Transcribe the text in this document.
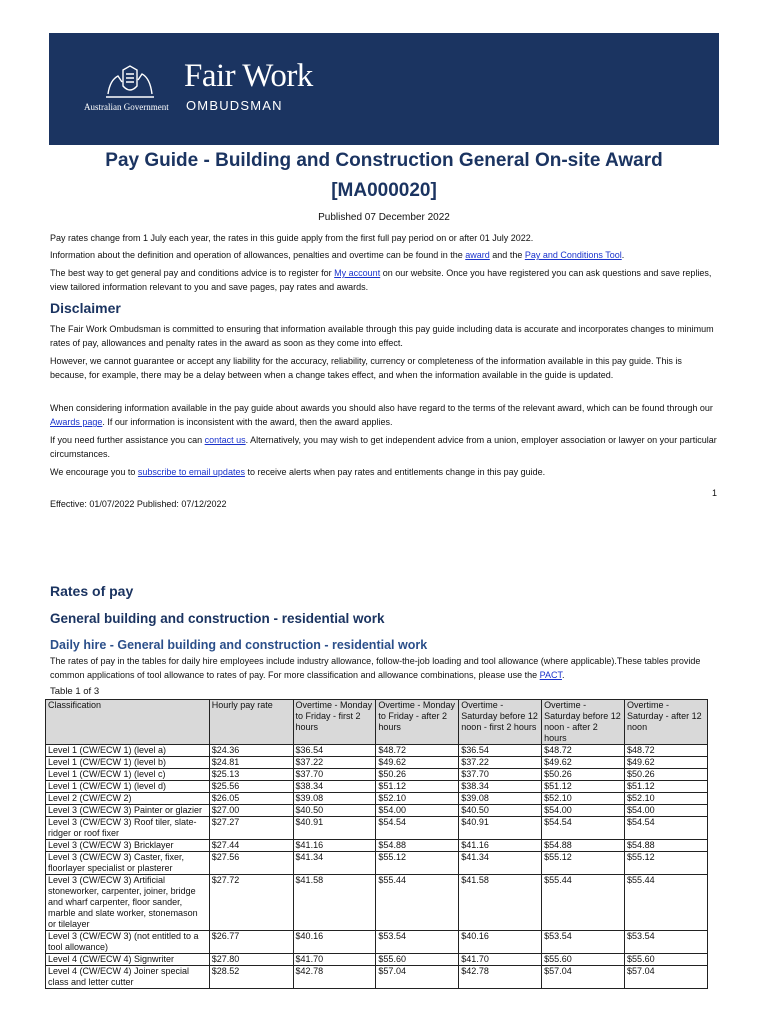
Australian Government
Fair Work
OMBUDSMAN
Pay Guide - Building and Construction General On-site Award
[MA000020]
Published 07 December 2022
Pay rates change from 1 July each year, the rates in this guide apply from the first full pay period on or after 01 July 2022.
Information about the definition and operation of allowances, penalties and overtime can be found in the award and the Pay and Conditions Tool.
The best way to get general pay and conditions advice is to register for My account on our website. Once you have registered you can ask questions and save replies, view tailored information relevant to you and save pages, pay rates and awards.
Disclaimer
The Fair Work Ombudsman is committed to ensuring that information available through this pay guide including data is accurate and incorporates changes to minimum rates of pay, allowances and penalty rates in the award as soon as they come into effect.
However, we cannot guarantee or accept any liability for the accuracy, reliability, currency or completeness of the information available in this pay guide. This is because, for example, there may be a delay between when a change takes effect, and when the information available in the guide is updated.
When considering information available in the pay guide about awards you should also have regard to the terms of the relevant award, which can be found through our Awards page. If our information is inconsistent with the award, then the award applies.
If you need further assistance you can contact us. Alternatively, you may wish to get independent advice from a union, employer association or lawyer on your particular circumstances.
We encourage you to subscribe to email updates to receive alerts when pay rates and entitlements change in this pay guide.
1
Effective: 01/07/2022 Published: 07/12/2022
Rates of pay
General building and construction - residential work
Daily hire - General building and construction - residential work
The rates of pay in the tables for daily hire employees include industry allowance, follow-the-job loading and tool allowance (where applicable).These tables provide common applications of tool allowance to rates of pay. For more classification and allowance combinations, please use the PACT.
Table 1 of 3
Classification	Hourly pay rate	Overtime - Monday to Friday - first 2 hours	Overtime - Monday to Friday - after 2 hours	Overtime - Saturday before 12 noon - first 2 hours	Overtime - Saturday before 12 noon - after 2 hours	Overtime - Saturday - after 12 noon
Level 1 (CW/ECW 1) (level a)	$24.36	$36.54	$48.72	$36.54	$48.72	$48.72
Level 1 (CW/ECW 1) (level b)	$24.81	$37.22	$49.62	$37.22	$49.62	$49.62
Level 1 (CW/ECW 1) (level c)	$25.13	$37.70	$50.26	$37.70	$50.26	$50.26
Level 1 (CW/ECW 1) (level d)	$25.56	$38.34	$51.12	$38.34	$51.12	$51.12
Level 2 (CW/ECW 2)	$26.05	$39.08	$52.10	$39.08	$52.10	$52.10
Level 3 (CW/ECW 3) Painter or glazier	$27.00	$40.50	$54.00	$40.50	$54.00	$54.00
Level 3 (CW/ECW 3) Roof tiler, slate-ridger or roof fixer	$27.27	$40.91	$54.54	$40.91	$54.54	$54.54
Level 3 (CW/ECW 3) Bricklayer	$27.44	$41.16	$54.88	$41.16	$54.88	$54.88
Level 3 (CW/ECW 3) Caster, fixer, floorlayer specialist or plasterer	$27.56	$41.34	$55.12	$41.34	$55.12	$55.12
Level 3 (CW/ECW 3) Artificial stoneworker, carpenter, joiner, bridge and wharf carpenter, floor sander, marble and slate worker, stonemason or tilelayer	$27.72	$41.58	$55.44	$41.58	$55.44	$55.44
Level 3 (CW/ECW 3) (not entitled to a tool allowance)	$26.77	$40.16	$53.54	$40.16	$53.54	$53.54
Level 4 (CW/ECW 4) Signwriter	$27.80	$41.70	$55.60	$41.70	$55.60	$55.60
Level 4 (CW/ECW 4) Joiner special class and letter cutter	$28.52	$42.78	$57.04	$42.78	$57.04	$57.04
